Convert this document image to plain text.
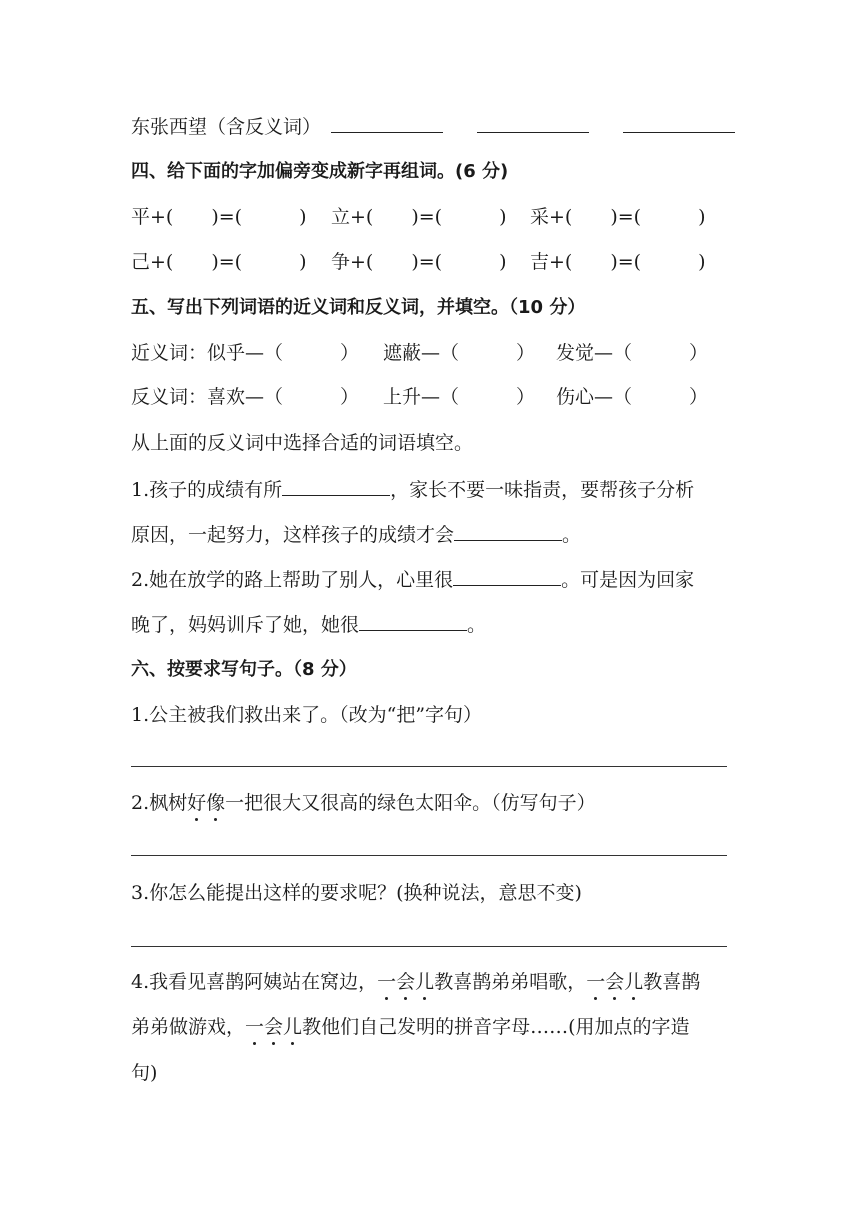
东张西望（含反义词）
四、给下面的字加偏旁变成新字再组词。(6 分)
平+(　　)=(　　　) 立+(　　)=(　　　) 采+(　　)=(　　　)
己+(　　)=(　　　) 争+(　　)=(　　　) 吉+(　　)=(　　　)
五、写出下列词语的近义词和反义词，并填空。（10 分）
近义词：似乎—（　　　） 遮蔽—（　　　） 发觉—（　　　）
反义词：喜欢—（　　　） 上升—（　　　） 伤心—（　　　）
从上面的反义词中选择合适的词语填空。
1.孩子的成绩有所	，家长不要一味指责，要帮孩子分析
原因，一起努力，这样孩子的成绩才会	。
2.她在放学的路上帮助了别人，心里很	。可是因为回家
晚了，妈妈训斥了她，她很	。
六、按要求写句子。（8 分）
1.公主被我们救出来了。（改为“把”字句）
2.枫树好像一把很大又很高的绿色太阳伞。（仿写句子）
3.你怎么能提出这样的要求呢？(换种说法，意思不变)
4.我看见喜鹊阿姨站在窝边，一会儿教喜鹊弟弟唱歌，一会儿教喜鹊
弟弟做游戏，一会儿教他们自己发明的拼音字母……(用加点的字造
句)
